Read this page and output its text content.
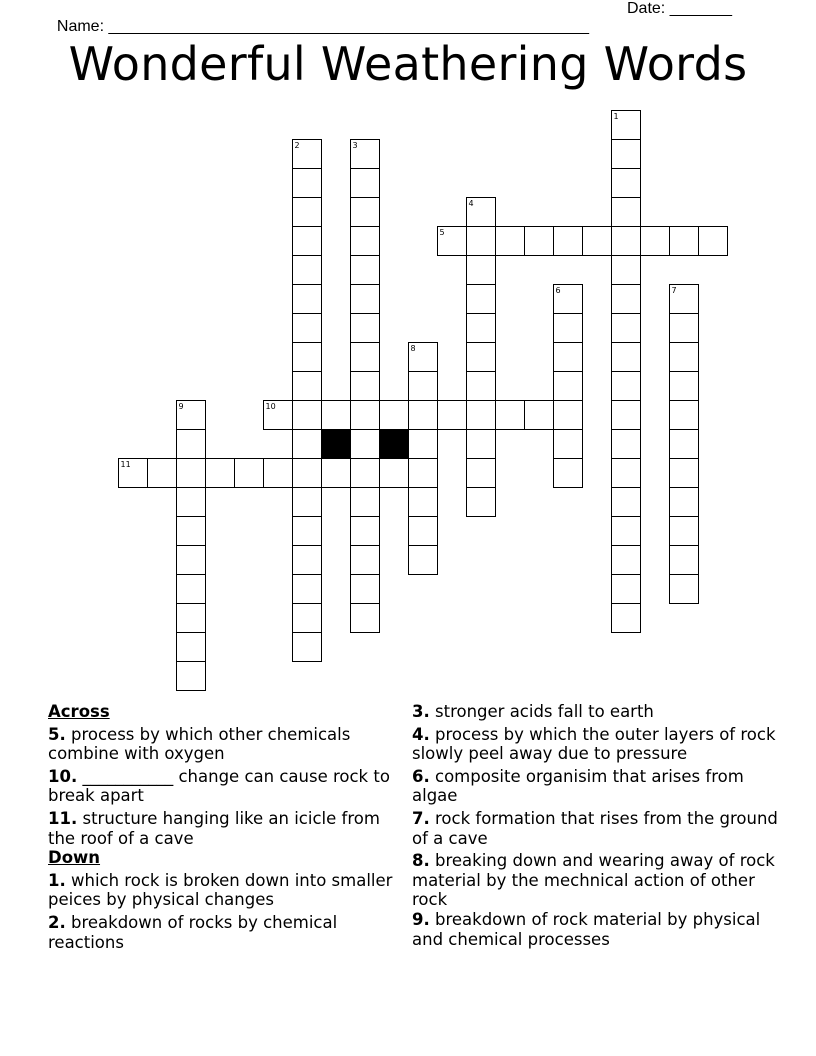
Name: ______________________________________________________

Date: _______

Wonderful Weathering Words
5
10
11
1
2	3
4
6	7
8
9
Across
5. process by which other chemicals combine with oxygen
10. ___________ change can cause rock to break apart
11. structure hanging like an icicle from the roof of a cave
Down
1. which rock is broken down into smaller peices by physical changes
2. breakdown of rocks by chemical reactions
3. stronger acids fall to earth
4. process by which the outer layers of rock slowly peel away due to pressure
6. composite organisim that arises from algae
7. rock formation that rises from the ground of a cave
8. breaking down and wearing away of rock material by the mechnical action of other rock
9. breakdown of rock material by physical and chemical processes
